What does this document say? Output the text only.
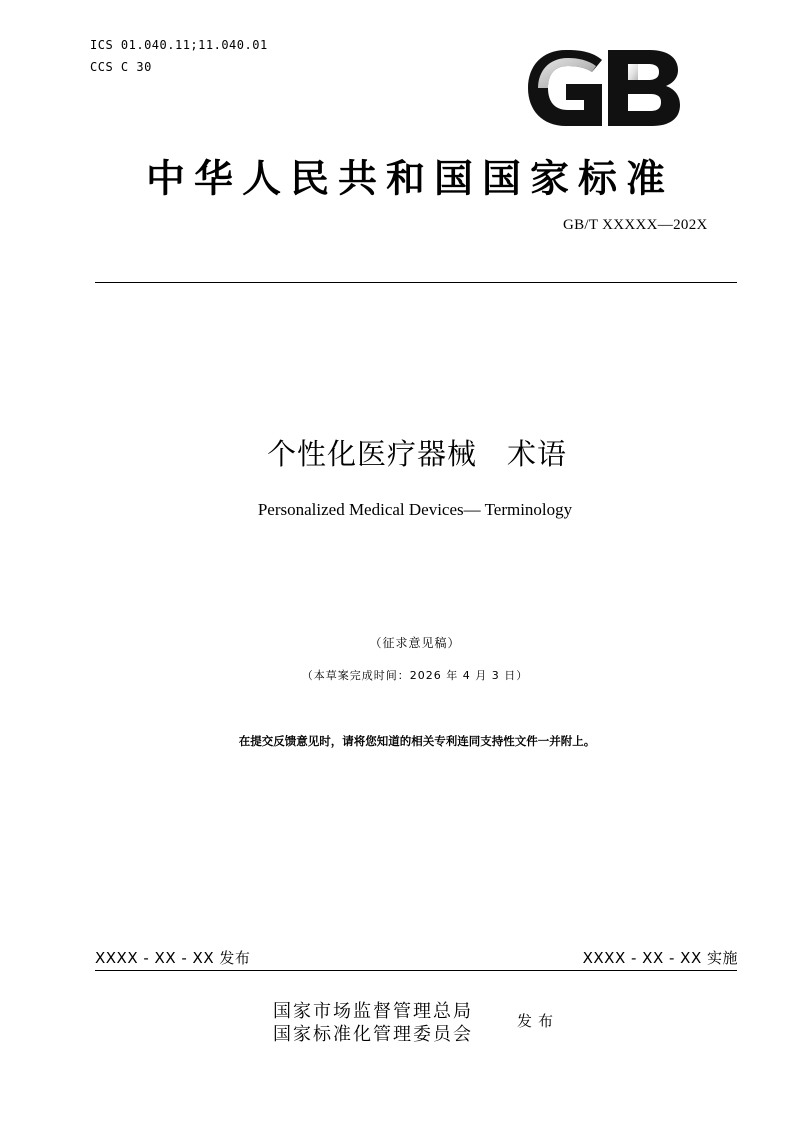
ICS 01.040.11;11.040.01
CCS C 30
GB
中华人民共和国国家标准
GB/T XXXXX—202X
个性化医疗器械　术语
Personalized Medical Devices— Terminology
（征求意见稿）
（本草案完成时间：2026 年 4 月 3 日）
在提交反馈意见时，请将您知道的相关专利连同支持性文件一并附上。
XXXX - XX - XX 发布	XXXX - XX - XX 实施
国家市场监督管理总局
国家标准化管理委员会
发布
